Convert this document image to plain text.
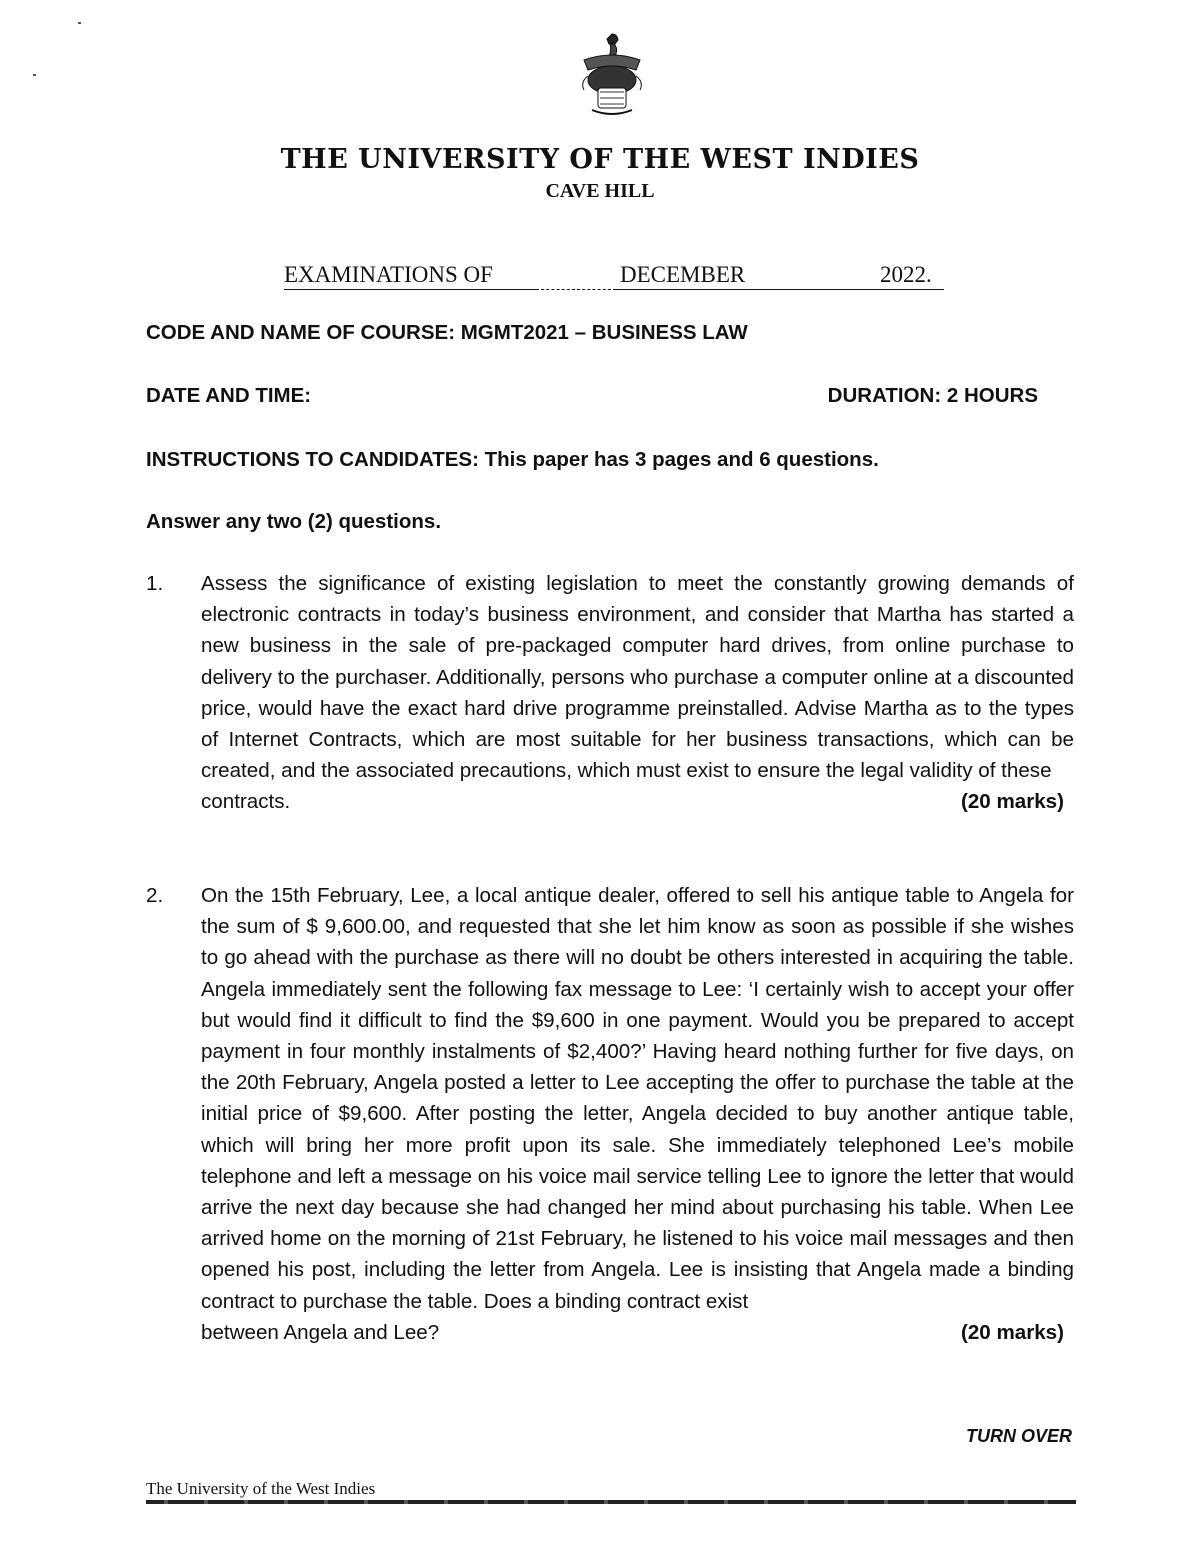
THE UNIVERSITY OF THE WEST INDIES
CAVE HILL
EXAMINATIONS OF	DECEMBER	2022.
CODE AND NAME OF COURSE: MGMT2021 – BUSINESS LAW
DATE AND TIME:	DURATION: 2 HOURS
INSTRUCTIONS TO CANDIDATES: This paper has 3 pages and 6 questions.
Answer any two (2) questions.
1. Assess the significance of existing legislation to meet the constantly growing demands of electronic contracts in today’s business environment, and consider that Martha has started a new business in the sale of pre-packaged computer hard drives, from online purchase to delivery to the purchaser. Additionally, persons who purchase a computer online at a discounted price, would have the exact hard drive programme preinstalled. Advise Martha as to the types of Internet Contracts, which are most suitable for her business transactions, which can be created, and the associated precautions, which must exist to ensure the legal validity of these
contracts.	(20 marks)
2. On the 15th February, Lee, a local antique dealer, offered to sell his antique table to Angela for the sum of $ 9,600.00, and requested that she let him know as soon as possible if she wishes to go ahead with the purchase as there will no doubt be others interested in acquiring the table. Angela immediately sent the following fax message to Lee: ‘I certainly wish to accept your offer but would find it difficult to find the $9,600 in one payment. Would you be prepared to accept payment in four monthly instalments of $2,400?’ Having heard nothing further for five days, on the 20th February, Angela posted a letter to Lee accepting the offer to purchase the table at the initial price of $9,600. After posting the letter, Angela decided to buy another antique table, which will bring her more profit upon its sale. She immediately telephoned Lee’s mobile telephone and left a message on his voice mail service telling Lee to ignore the letter that would arrive the next day because she had changed her mind about purchasing his table. When Lee arrived home on the morning of 21st February, he listened to his voice mail messages and then opened his post, including the letter from Angela. Lee is insisting that Angela made a binding contract to purchase the table. Does a binding contract exist
between Angela and Lee?	(20 marks)
TURN OVER
The University of the West Indies
